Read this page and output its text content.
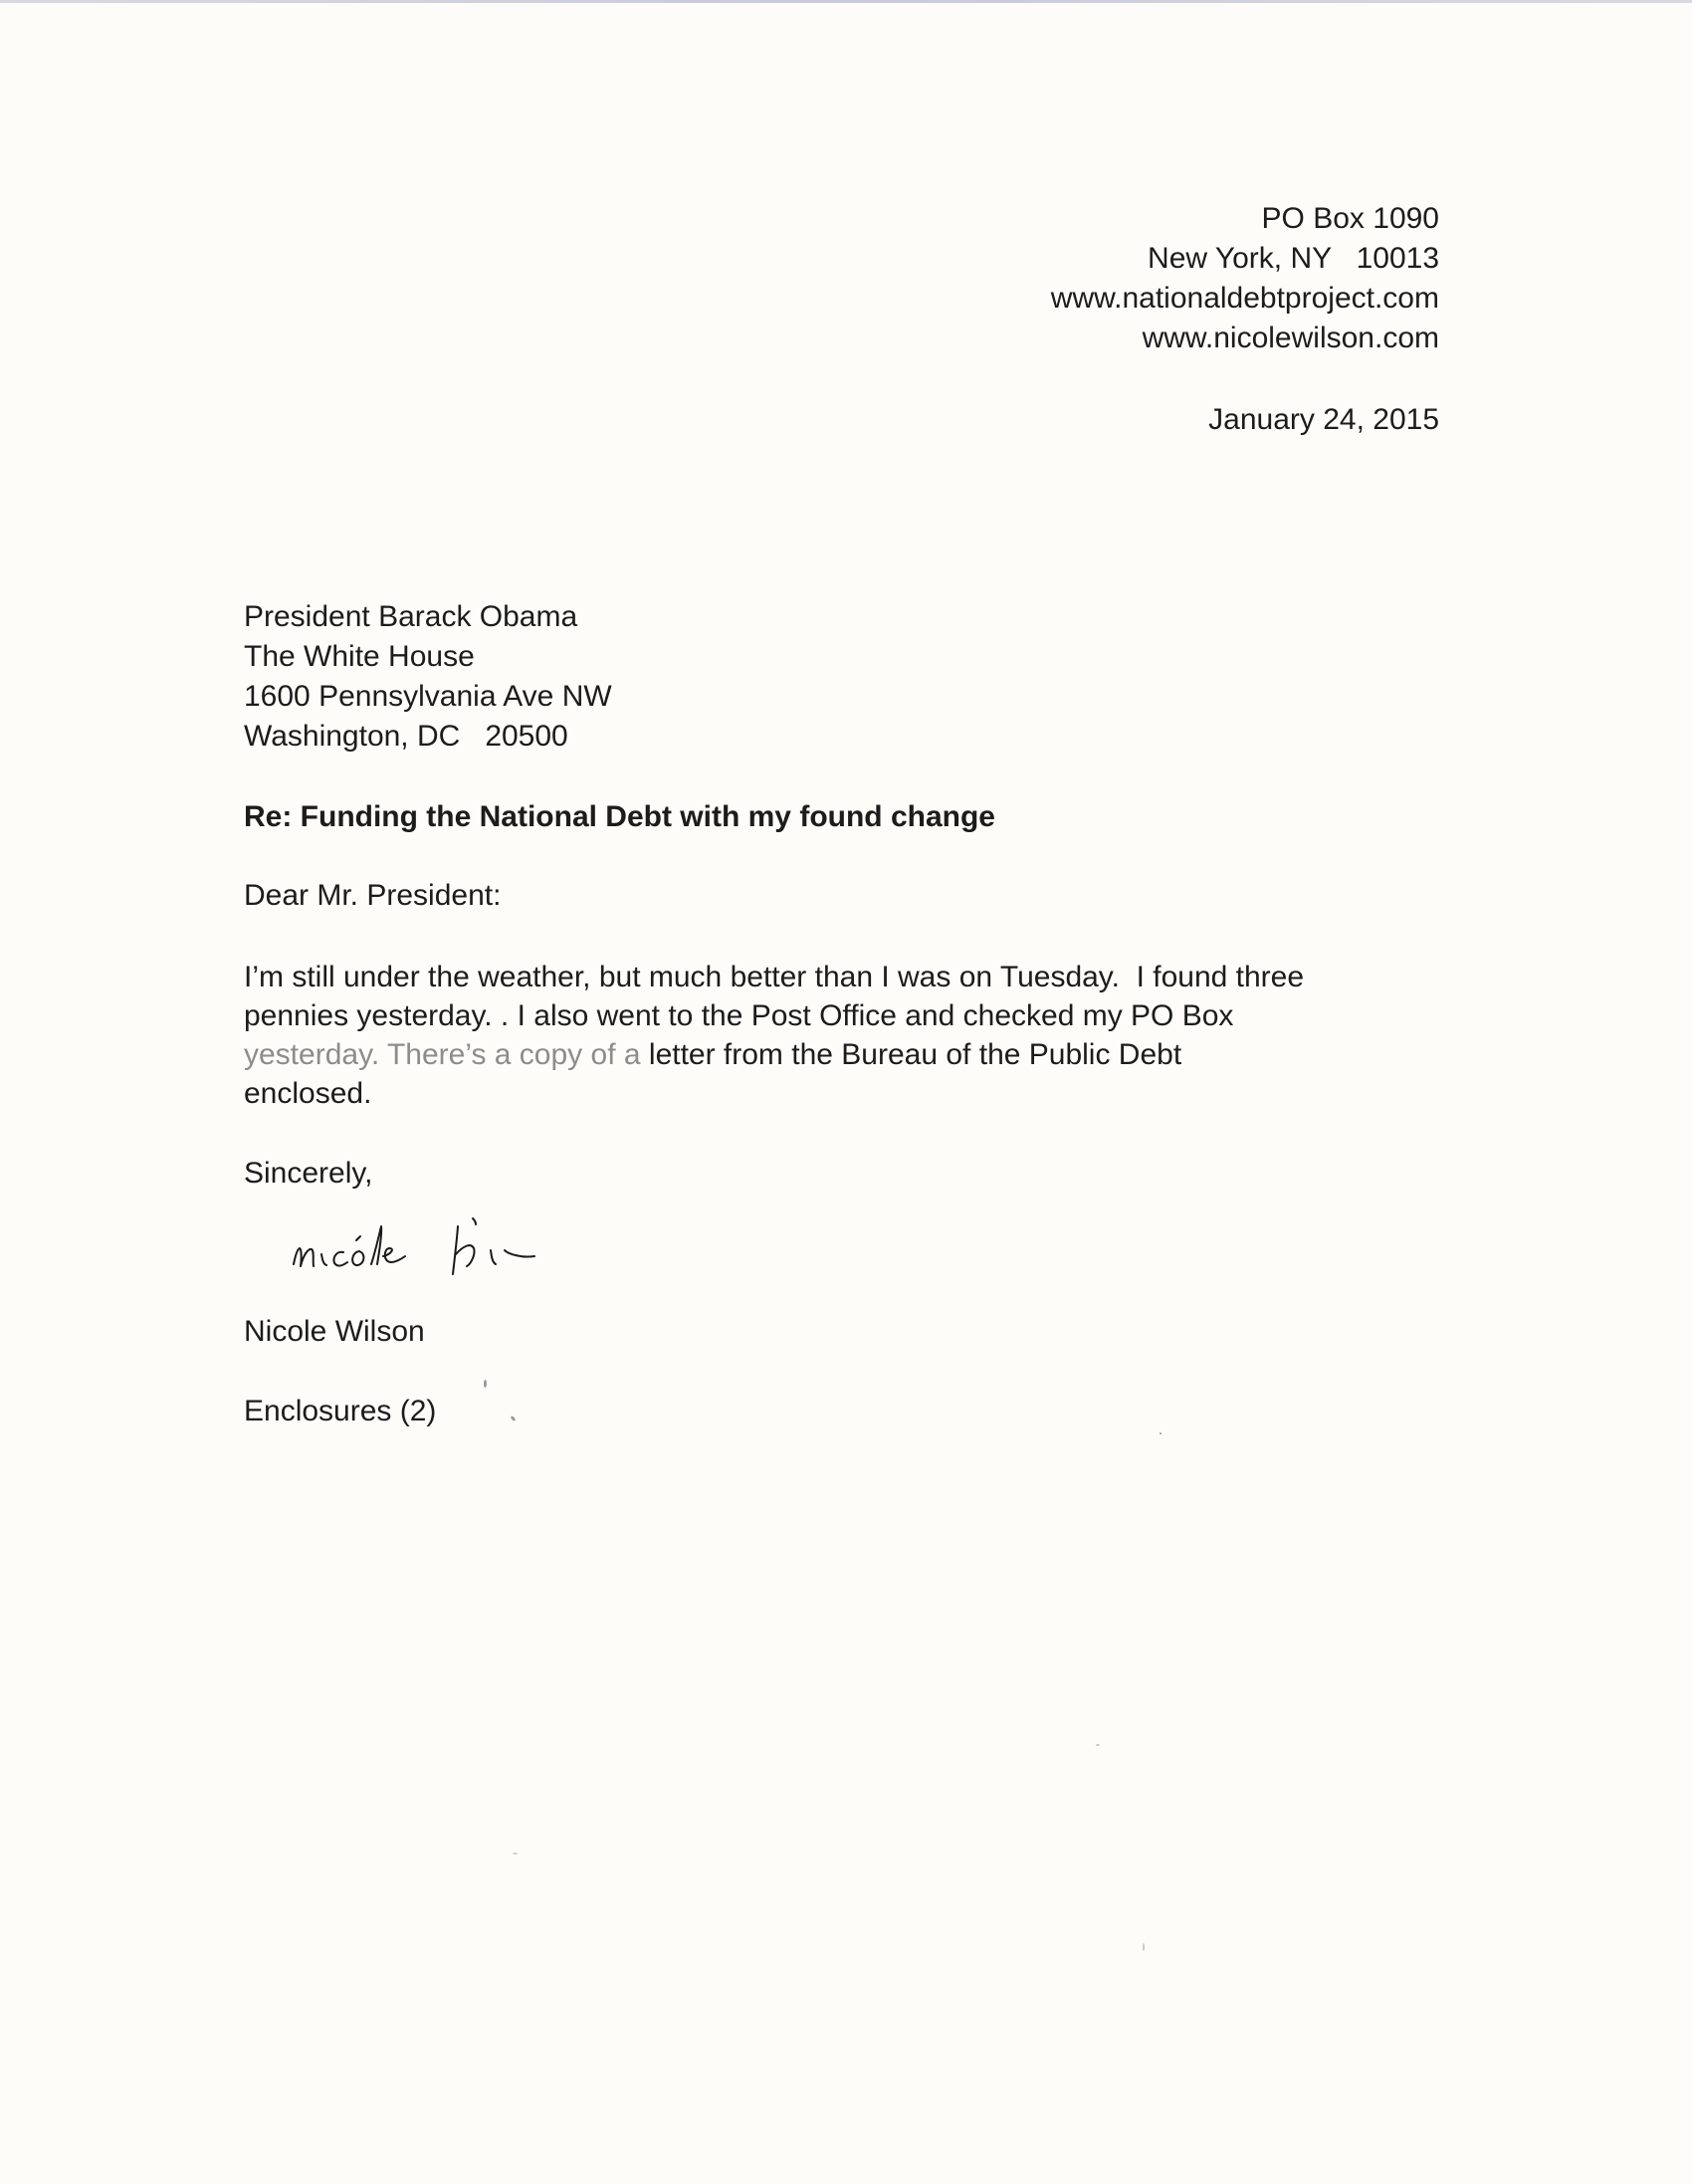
PO Box 1090
New York, NY   10013
www.nationaldebtproject.com
www.nicolewilson.com
January 24, 2015
President Barack Obama
The White House
1600 Pennsylvania Ave NW
Washington, DC   20500
Re: Funding the National Debt with my found change
Dear Mr. President:
I’m still under the weather, but much better than I was on Tuesday.  I found three
pennies yesterday. . I also went to the Post Office and checked my PO Box
yesterday. There’s a copy of a letter from the Bureau of the Public Debt
enclosed.
Sincerely,
Nicole Wilson
Enclosures (2)
